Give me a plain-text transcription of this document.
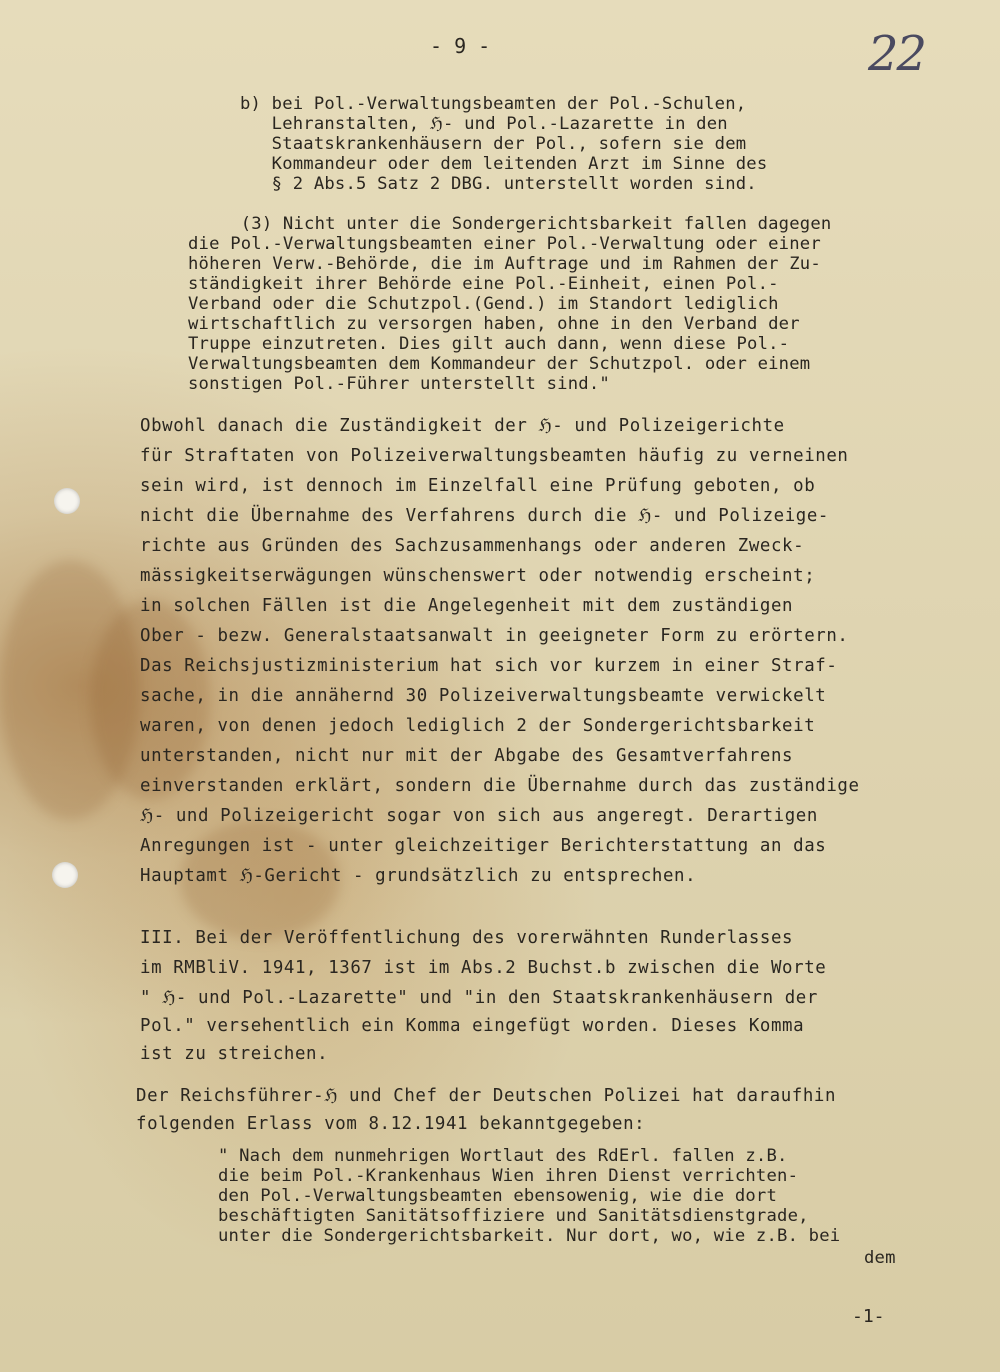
- 9 -	22
b) bei Pol.-Verwaltungsbeamten der Pol.-Schulen,
Lehranstalten, ℌ- und Pol.-Lazarette in den
Staatskrankenhäusern der Pol., sofern sie dem
Kommandeur oder dem leitenden Arzt im Sinne des
§ 2 Abs.5 Satz 2 DBG. unterstellt worden sind.
(3) Nicht unter die Sondergerichtsbarkeit fallen dagegen
die Pol.-Verwaltungsbeamten einer Pol.-Verwaltung oder einer
höheren Verw.-Behörde, die im Auftrage und im Rahmen der Zu-
ständigkeit ihrer Behörde eine Pol.-Einheit, einen Pol.-
Verband oder die Schutzpol.(Gend.) im Standort lediglich
wirtschaftlich zu versorgen haben, ohne in den Verband der
Truppe einzutreten. Dies gilt auch dann, wenn diese Pol.-
Verwaltungsbeamten dem Kommandeur der Schutzpol. oder einem
sonstigen Pol.-Führer unterstellt sind."
Obwohl danach die Zuständigkeit der ℌ- und Polizeigerichte
für Straftaten von Polizeiverwaltungsbeamten häufig zu verneinen
sein wird, ist dennoch im Einzelfall eine Prüfung geboten, ob
nicht die Übernahme des Verfahrens durch die ℌ- und Polizeige-
richte aus Gründen des Sachzusammenhangs oder anderen Zweck-
mässigkeitserwägungen wünschenswert oder notwendig erscheint;
in solchen Fällen ist die Angelegenheit mit dem zuständigen
Ober - bezw. Generalstaatsanwalt in geeigneter Form zu erörtern.
Das Reichsjustizministerium hat sich vor kurzem in einer Straf-
sache, in die annähernd 30 Polizeiverwaltungsbeamte verwickelt
waren, von denen jedoch lediglich 2 der Sondergerichtsbarkeit
unterstanden, nicht nur mit der Abgabe des Gesamtverfahrens
einverstanden erklärt, sondern die Übernahme durch das zuständige
ℌ- und Polizeigericht sogar von sich aus angeregt. Derartigen
Anregungen ist - unter gleichzeitiger Berichterstattung an das
Hauptamt ℌ-Gericht - grundsätzlich zu entsprechen.
III. Bei der Veröffentlichung des vorerwähnten Runderlasses
im RMBliV. 1941, 1367 ist im Abs.2 Buchst.b zwischen die Worte
" ℌ- und Pol.-Lazarette" und "in den Staatskrankenhäusern der
Pol." versehentlich ein Komma eingefügt worden. Dieses Komma
ist zu streichen.
Der Reichsführer-ℌ und Chef der Deutschen Polizei hat daraufhin
folgenden Erlass vom 8.12.1941 bekanntgegeben:
" Nach dem nunmehrigen Wortlaut des RdErl. fallen z.B.
die beim Pol.-Krankenhaus Wien ihren Dienst verrichten-
den Pol.-Verwaltungsbeamten ebensowenig, wie die dort
beschäftigten Sanitätsoffiziere und Sanitätsdienstgrade,
unter die Sondergerichtsbarkeit. Nur dort, wo, wie z.B. bei
dem
-1-
